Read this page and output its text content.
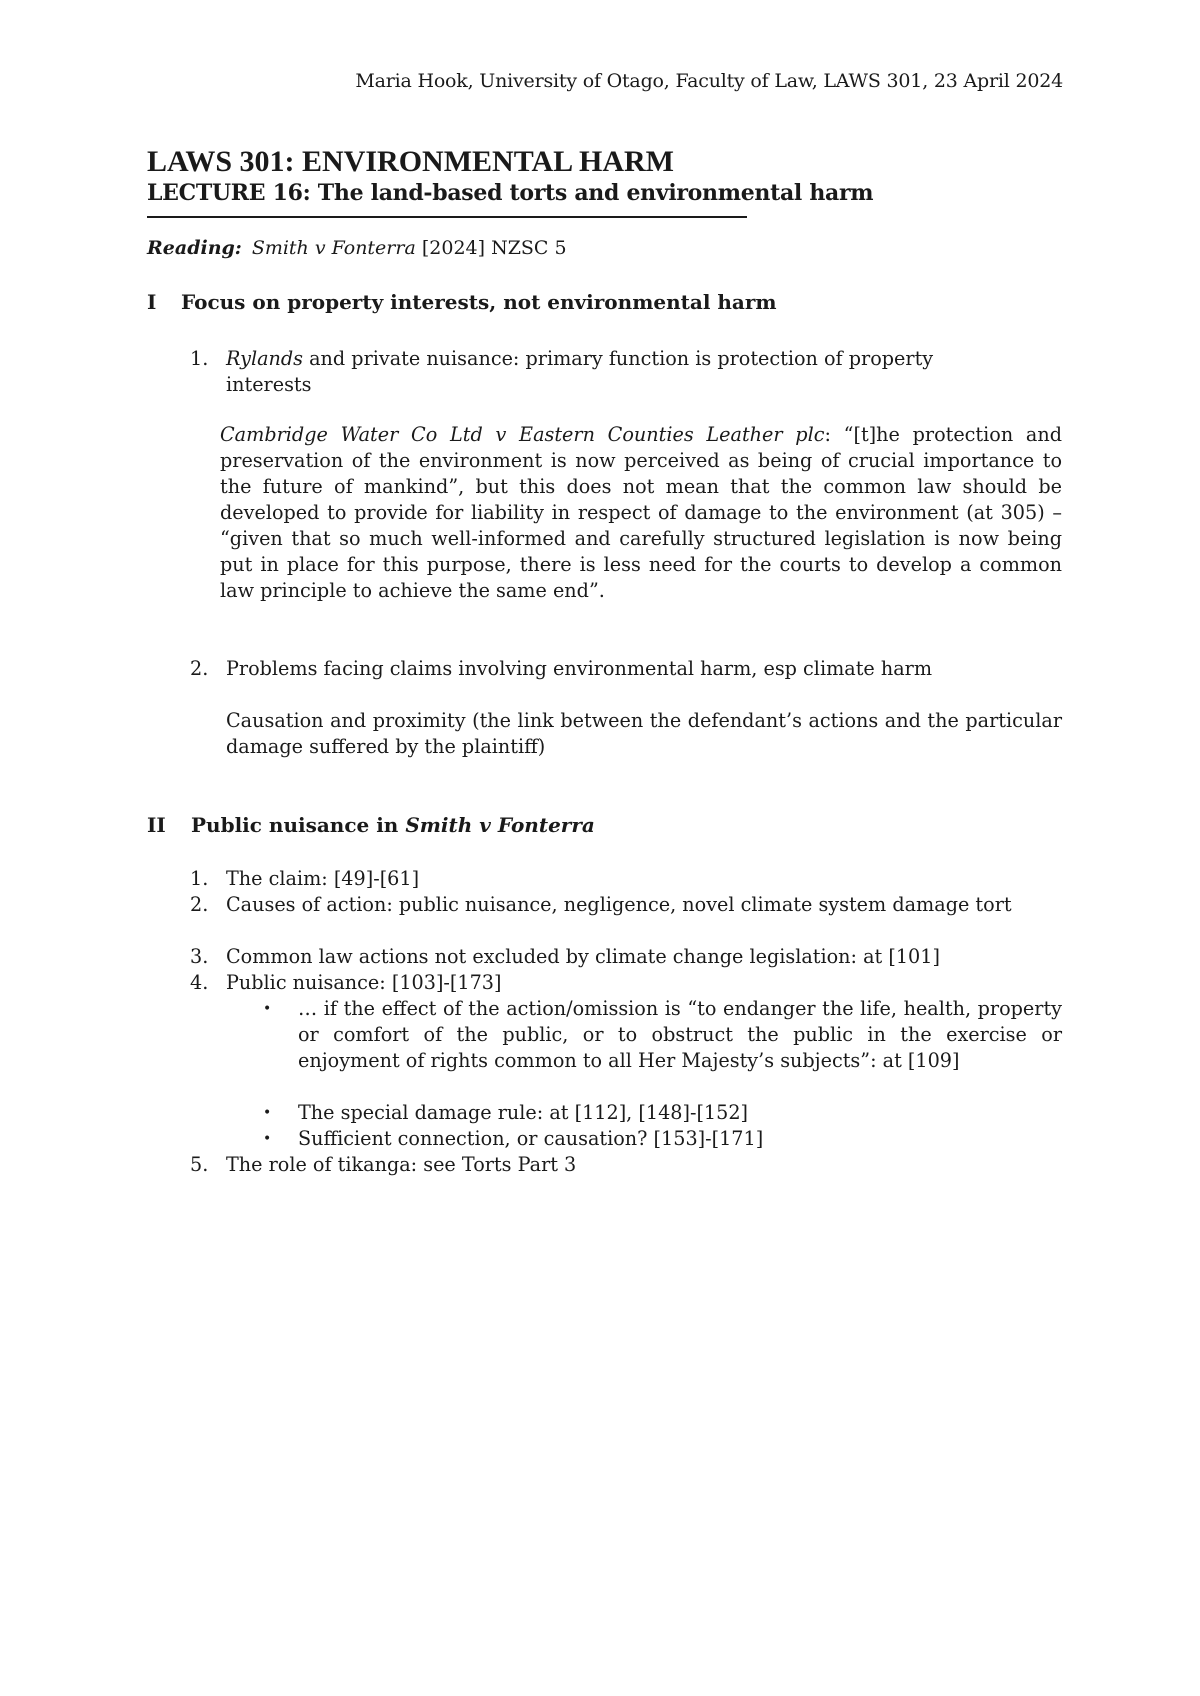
Maria Hook, University of Otago, Faculty of Law, LAWS 301, 23 April 2024
LAWS 301: ENVIRONMENTAL HARM
LECTURE 16: The land-based torts and environmental harm
Reading: Smith v Fonterra [2024] NZSC 5
I Focus on property interests, not environmental harm
1. Rylands and private nuisance: primary function is protection of property
interests
Cambridge Water Co Ltd v Eastern Counties Leather plc: “[t]he protection and preservation of the environment is now perceived as being of crucial importance to the future of mankind”, but this does not mean that the common law should be developed to provide for liability in respect of damage to the environment (at 305) – “given that so much well-informed and carefully structured legislation is now being put in place for this purpose, there is less need for the courts to develop a common law principle to achieve the same end”.
2. Problems facing claims involving environmental harm, esp climate harm
Causation and proximity (the link between the defendant’s actions and the particular damage suffered by the plaintiff)
II Public nuisance in Smith v Fonterra
1. The claim: [49]-[61]
2. Causes of action: public nuisance, negligence, novel climate system damage tort
3. Common law actions not excluded by climate change legislation: at [101]
4. Public nuisance: [103]-[173]
• … if the effect of the action/omission is “to endanger the life, health, property or comfort of the public, or to obstruct the public in the exercise or enjoyment of rights common to all Her Majesty’s subjects”: at [109]
• The special damage rule: at [112], [148]-[152]
• Sufficient connection, or causation? [153]-[171]
5. The role of tikanga: see Torts Part 3
